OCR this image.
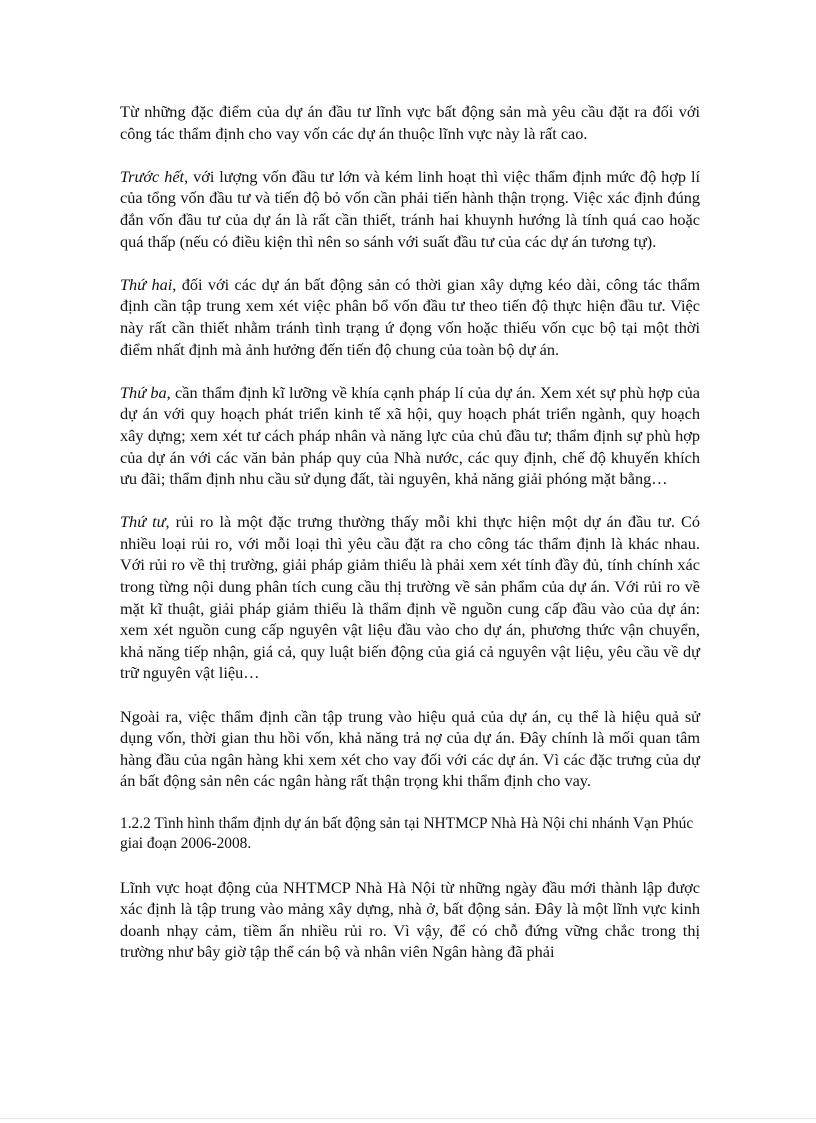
Từ những đặc điểm của dự án đầu tư lĩnh vực bất động sản mà yêu cầu đặt ra đối với công tác thẩm định cho vay vốn các dự án thuộc lĩnh vực này là rất cao.

Trước hết, với lượng vốn đầu tư lớn và kém linh hoạt thì việc thẩm định mức độ hợp lí của tổng vốn đầu tư và tiến độ bỏ vốn cần phải tiến hành thận trọng. Việc xác định đúng đắn vốn đầu tư của dự án là rất cần thiết, tránh hai khuynh hướng là tính quá cao hoặc quá thấp (nếu có điều kiện thì nên so sánh với suất đầu tư của các dự án tương tự).

Thứ hai, đối với các dự án bất động sản có thời gian xây dựng kéo dài, công tác thẩm định cần tập trung xem xét việc phân bổ vốn đầu tư theo tiến độ thực hiện đầu tư. Việc này rất cần thiết nhằm tránh tình trạng ứ đọng vốn hoặc thiếu vốn cục bộ tại một thời điểm nhất định mà ảnh hưởng đến tiến độ chung của toàn bộ dự án.

Thứ ba, cần thẩm định kĩ lưỡng về khía cạnh pháp lí của dự án. Xem xét sự phù hợp của dự án với quy hoạch phát triển kinh tế xã hội, quy hoạch phát triển ngành, quy hoạch xây dựng; xem xét tư cách pháp nhân và năng lực của chủ đầu tư; thẩm định sự phù hợp của dự án với các văn bản pháp quy của Nhà nước, các quy định, chế độ khuyến khích ưu đãi; thẩm định nhu cầu sử dụng đất, tài nguyên, khả năng giải phóng mặt bằng…

Thứ tư, rủi ro là một đặc trưng thường thấy mỗi khi thực hiện một dự án đầu tư. Có nhiều loại rủi ro, với mỗi loại thì yêu cầu đặt ra cho công tác thẩm định là khác nhau. Với rủi ro về thị trường, giải pháp giảm thiểu là phải xem xét tính đầy đủ, tính chính xác trong từng nội dung phân tích cung cầu thị trường về sản phẩm của dự án. Với rủi ro về mặt kĩ thuật, giải pháp giảm thiểu là thẩm định về nguồn cung cấp đầu vào của dự án: xem xét nguồn cung cấp nguyên vật liệu đầu vào cho dự án, phương thức vận chuyển, khả năng tiếp nhận, giá cả, quy luật biến động của giá cả nguyên vật liệu, yêu cầu về dự trữ nguyên vật liệu…

Ngoài ra, việc thẩm định cần tập trung vào hiệu quả của dự án, cụ thể là hiệu quả sử dụng vốn, thời gian thu hồi vốn, khả năng trả nợ của dự án. Đây chính là mối quan tâm hàng đầu của ngân hàng khi xem xét cho vay đối với các dự án. Vì các đặc trưng của dự án bất động sản nên các ngân hàng rất thận trọng khi thẩm định cho vay.

1.2.2 Tình hình thẩm định dự án bất động sản tại NHTMCP Nhà Hà Nội chi nhánh Vạn Phúc giai đoạn 2006-2008.

Lĩnh vực hoạt động của NHTMCP Nhà Hà Nội từ những ngày đầu mới thành lập được xác định là tập trung vào mảng xây dựng, nhà ở, bất động sản. Đây là một lĩnh vực kinh doanh nhạy cảm, tiềm ẩn nhiều rủi ro. Vì vậy, để có chỗ đứng vững chắc trong thị trường như bây giờ tập thể cán bộ và nhân viên Ngân hàng đã phải
